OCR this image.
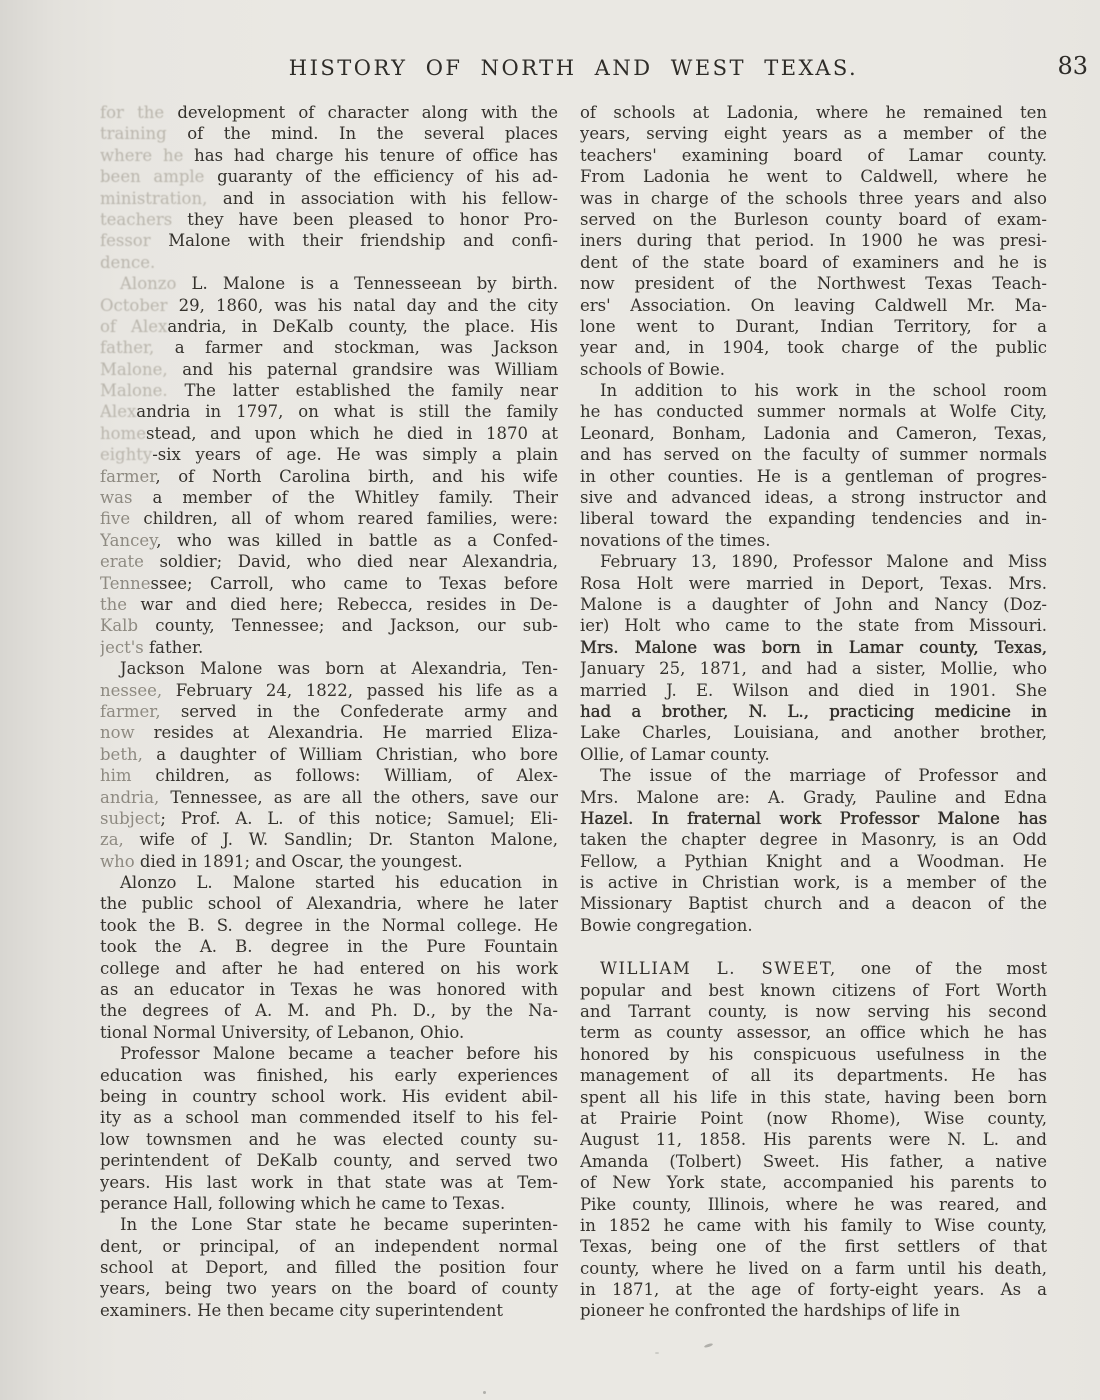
HISTORY OF NORTH AND WEST TEXAS.	83
for the development of character along with the
training of the mind. In the several places
where he has had charge his tenure of office has
been ample guaranty of the efficiency of his ad-
ministration, and in association with his fellow-
teachers they have been pleased to honor Pro-
fessor Malone with their friendship and confi-
dence.
Alonzo L. Malone is a Tennesseean by birth.
October 29, 1860, was his natal day and the city
of Alexandria, in DeKalb county, the place. His
father, a farmer and stockman, was Jackson
Malone, and his paternal grandsire was William
Malone. The latter established the family near
Alexandria in 1797, on what is still the family
homestead, and upon which he died in 1870 at
eighty-six years of age. He was simply a plain
farmer, of North Carolina birth, and his wife
was a member of the Whitley family. Their
five children, all of whom reared families, were:
Yancey, who was killed in battle as a Confed-
erate soldier; David, who died near Alexandria,
Tennessee; Carroll, who came to Texas before
the war and died here; Rebecca, resides in De-
Kalb county, Tennessee; and Jackson, our sub-
ject's father.
Jackson Malone was born at Alexandria, Ten-
nessee, February 24, 1822, passed his life as a
farmer, served in the Confederate army and
now resides at Alexandria. He married Eliza-
beth, a daughter of William Christian, who bore
him children, as follows: William, of Alex-
andria, Tennessee, as are all the others, save our
subject; Prof. A. L. of this notice; Samuel; Eli-
za, wife of J. W. Sandlin; Dr. Stanton Malone,
who died in 1891; and Oscar, the youngest.
Alonzo L. Malone started his education in
the public school of Alexandria, where he later
took the B. S. degree in the Normal college. He
took the A. B. degree in the Pure Fountain
college and after he had entered on his work
as an educator in Texas he was honored with
the degrees of A. M. and Ph. D., by the Na-
tional Normal University, of Lebanon, Ohio.
Professor Malone became a teacher before his
education was finished, his early experiences
being in country school work. His evident abil-
ity as a school man commended itself to his fel-
low townsmen and he was elected county su-
perintendent of DeKalb county, and served two
years. His last work in that state was at Tem-
perance Hall, following which he came to Texas.
In the Lone Star state he became superinten-
dent, or principal, of an independent normal
school at Deport, and filled the position four
years, being two years on the board of county
examiners. He then became city superintendent
of schools at Ladonia, where he remained ten
years, serving eight years as a member of the
teachers' examining board of Lamar county.
From Ladonia he went to Caldwell, where he
was in charge of the schools three years and also
served on the Burleson county board of exam-
iners during that period. In 1900 he was presi-
dent of the state board of examiners and he is
now president of the Northwest Texas Teach-
ers' Association. On leaving Caldwell Mr. Ma-
lone went to Durant, Indian Territory, for a
year and, in 1904, took charge of the public
schools of Bowie.
In addition to his work in the school room
he has conducted summer normals at Wolfe City,
Leonard, Bonham, Ladonia and Cameron, Texas,
and has served on the faculty of summer normals
in other counties. He is a gentleman of progres-
sive and advanced ideas, a strong instructor and
liberal toward the expanding tendencies and in-
novations of the times.
February 13, 1890, Professor Malone and Miss
Rosa Holt were married in Deport, Texas. Mrs.
Malone is a daughter of John and Nancy (Doz-
ier) Holt who came to the state from Missouri.
Mrs. Malone was born in Lamar county, Texas,
January 25, 1871, and had a sister, Mollie, who
married J. E. Wilson and died in 1901. She
had a brother, N. L., practicing medicine in
Lake Charles, Louisiana, and another brother,
Ollie, of Lamar county.
The issue of the marriage of Professor and
Mrs. Malone are: A. Grady, Pauline and Edna
Hazel. In fraternal work Professor Malone has
taken the chapter degree in Masonry, is an Odd
Fellow, a Pythian Knight and a Woodman. He
is active in Christian work, is a member of the
Missionary Baptist church and a deacon of the
Bowie congregation.
WILLIAM L. SWEET, one of the most
popular and best known citizens of Fort Worth
and Tarrant county, is now serving his second
term as county assessor, an office which he has
honored by his conspicuous usefulness in the
management of all its departments. He has
spent all his life in this state, having been born
at Prairie Point (now Rhome), Wise county,
August 11, 1858. His parents were N. L. and
Amanda (Tolbert) Sweet. His father, a native
of New York state, accompanied his parents to
Pike county, Illinois, where he was reared, and
in 1852 he came with his family to Wise county,
Texas, being one of the first settlers of that
county, where he lived on a farm until his death,
in 1871, at the age of forty-eight years. As a
pioneer he confronted the hardships of life in
